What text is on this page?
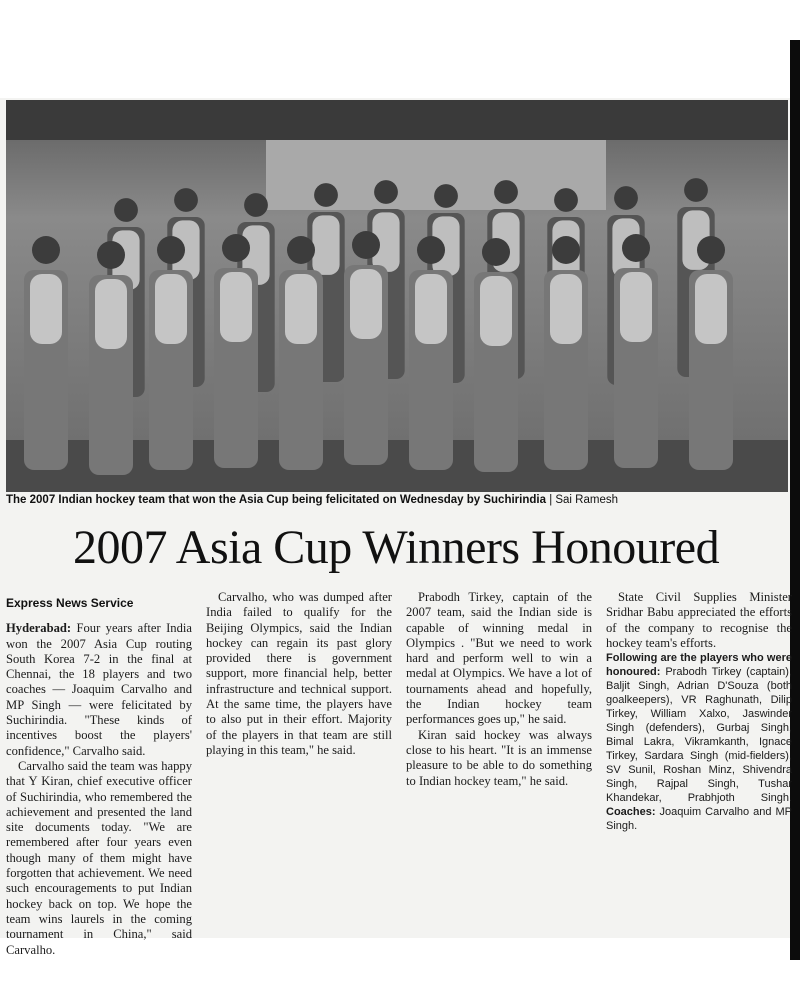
The 2007 Indian hockey team that won the Asia Cup being felicitated on Wednesday by Suchirindia | Sai Ramesh
2007 Asia Cup Winners Honoured
Express News Service

Hyderabad: Four years after India won the 2007 Asia Cup routing South Korea 7-2 in the final at Chennai, the 18 players and two coaches — Joaquim Carvalho and MP Singh — were felicitated by Suchirindia. "These kinds of incentives boost the players' confidence," Carvalho said.

Carvalho said the team was happy that Y Kiran, chief executive officer of Suchirindia, who remembered the achievement and presented the land site documents today. "We are remembered after four years even though many of them might have forgotten that achievement. We need such encouragements to put Indian hockey back on top. We hope the team wins laurels in the coming tournament in China," said Carvalho.

Carvalho, who was dumped after India failed to qualify for the Beijing Olympics, said the Indian hockey can regain its past glory provided there is government support, more financial help, better infrastructure and technical support. At the same time, the players have to also put in their effort. Majority of the players in that team are still playing in this team," he said.

Prabodh Tirkey, captain of the 2007 team, said the Indian side is capable of winning medal in Olympics . "But we need to work hard and perform well to win a medal at Olympics. We have a lot of tournaments ahead and hopefully, the Indian hockey team performances goes up," he said.

Kiran said hockey was always close to his heart. "It is an immense pleasure to be able to do something to Indian hockey team," he said.

State Civil Supplies Minister Sridhar Babu appreciated the efforts of the company to recognise the hockey team's efforts.

Following are the players who were honoured: Prabodh Tirkey (captain), Baljit Singh, Adrian D'Souza (both goalkeepers), VR Raghunath, Dilip Tirkey, William Xalxo, Jaswinder Singh (defenders), Gurbaj Singh, Bimal Lakra, Vikramkanth, Ignace Tirkey, Sardara Singh (mid-fielders), SV Sunil, Roshan Minz, Shivendra Singh, Rajpal Singh, Tushar Khandekar, Prabhjoth Singh. Coaches: Joaquim Carvalho and MP Singh.
